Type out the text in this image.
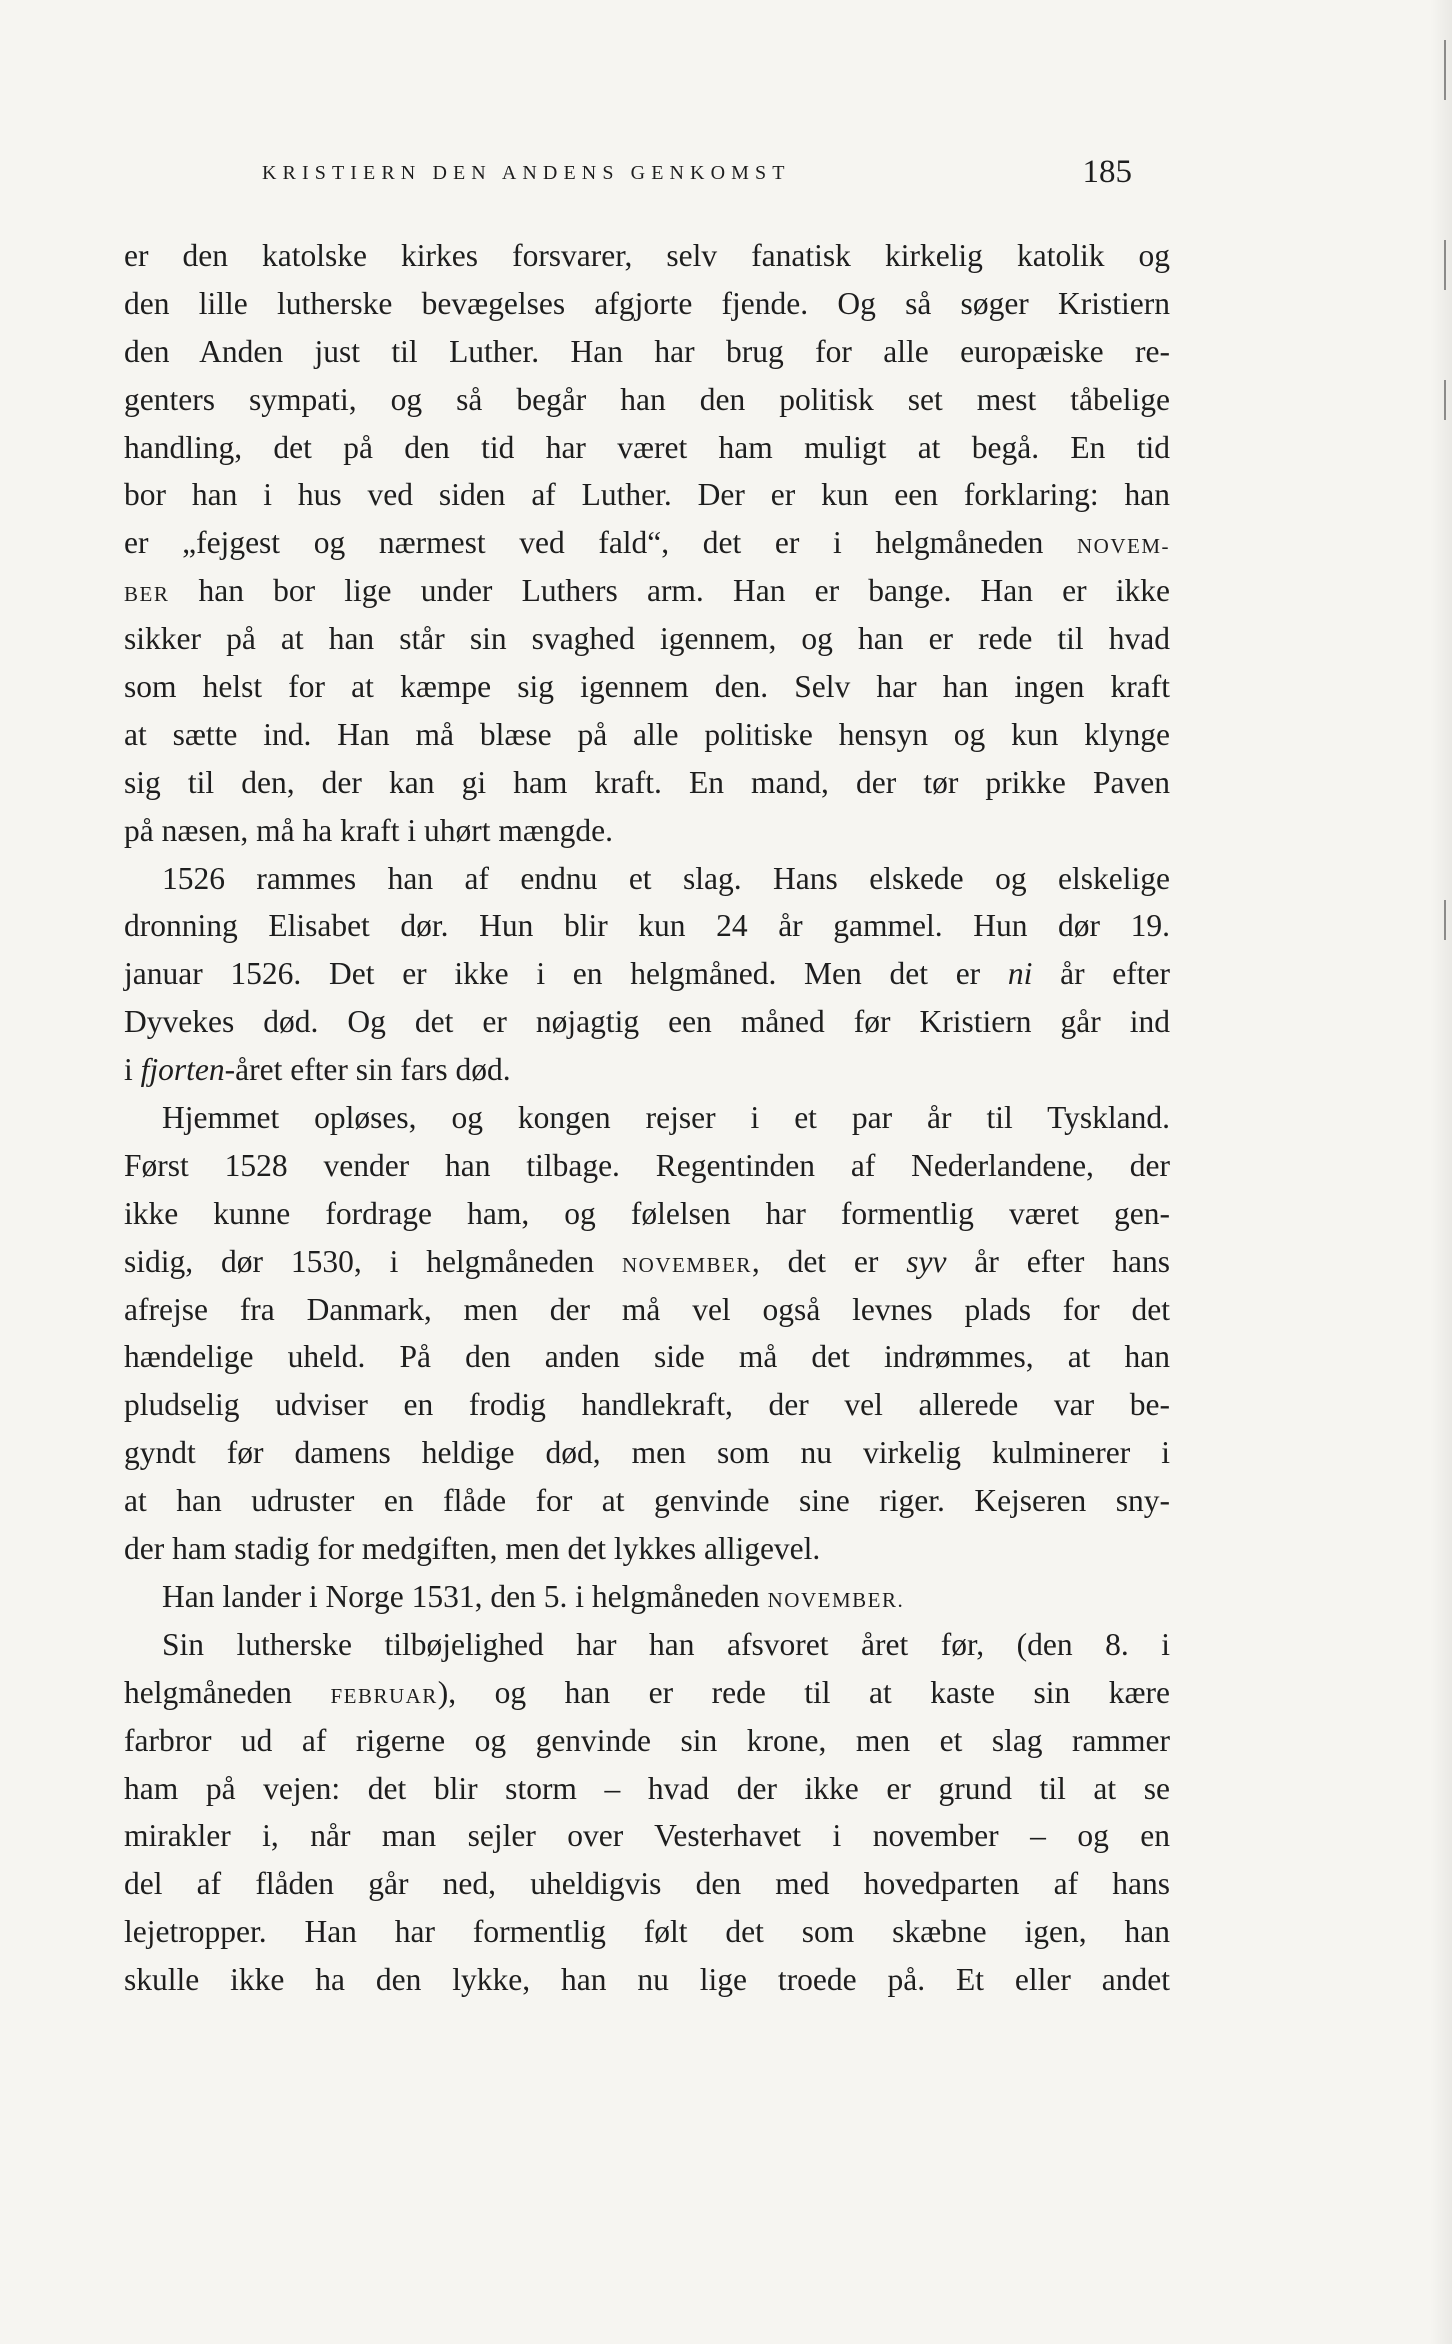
KRISTIERN DEN ANDENS GENKOMST	185
er den katolske kirkes forsvarer, selv fanatisk kirkelig katolik og
den lille lutherske bevægelses afgjorte fjende. Og så søger Kristiern
den Anden just til Luther. Han har brug for alle europæiske re-
genters sympati, og så begår han den politisk set mest tåbelige
handling, det på den tid har været ham muligt at begå. En tid
bor han i hus ved siden af Luther. Der er kun een forklaring: han
er „fejgest og nærmest ved fald“, det er i helgmåneden NOVEM-
BER han bor lige under Luthers arm. Han er bange. Han er ikke
sikker på at han står sin svaghed igennem, og han er rede til hvad
som helst for at kæmpe sig igennem den. Selv har han ingen kraft
at sætte ind. Han må blæse på alle politiske hensyn og kun klynge
sig til den, der kan gi ham kraft. En mand, der tør prikke Paven
på næsen, må ha kraft i uhørt mængde.
1526 rammes han af endnu et slag. Hans elskede og elskelige
dronning Elisabet dør. Hun blir kun 24 år gammel. Hun dør 19.
januar 1526. Det er ikke i en helgmåned. Men det er ni år efter
Dyvekes død. Og det er nøjagtig een måned før Kristiern går ind
i fjorten-året efter sin fars død.
Hjemmet opløses, og kongen rejser i et par år til Tyskland.
Først 1528 vender han tilbage. Regentinden af Nederlandene, der
ikke kunne fordrage ham, og følelsen har formentlig været gen-
sidig, dør 1530, i helgmåneden NOVEMBER, det er syv år efter hans
afrejse fra Danmark, men der må vel også levnes plads for det
hændelige uheld. På den anden side må det indrømmes, at han
pludselig udviser en frodig handlekraft, der vel allerede var be-
gyndt før damens heldige død, men som nu virkelig kulminerer i
at han udruster en flåde for at genvinde sine riger. Kejseren sny-
der ham stadig for medgiften, men det lykkes alligevel.
Han lander i Norge 1531, den 5. i helgmåneden NOVEMBER.
Sin lutherske tilbøjelighed har han afsvoret året før, (den 8. i
helgmåneden FEBRUAR), og han er rede til at kaste sin kære
farbror ud af rigerne og genvinde sin krone, men et slag rammer
ham på vejen: det blir storm – hvad der ikke er grund til at se
mirakler i, når man sejler over Vesterhavet i november – og en
del af flåden går ned, uheldigvis den med hovedparten af hans
lejetropper. Han har formentlig følt det som skæbne igen, han
skulle ikke ha den lykke, han nu lige troede på. Et eller andet
